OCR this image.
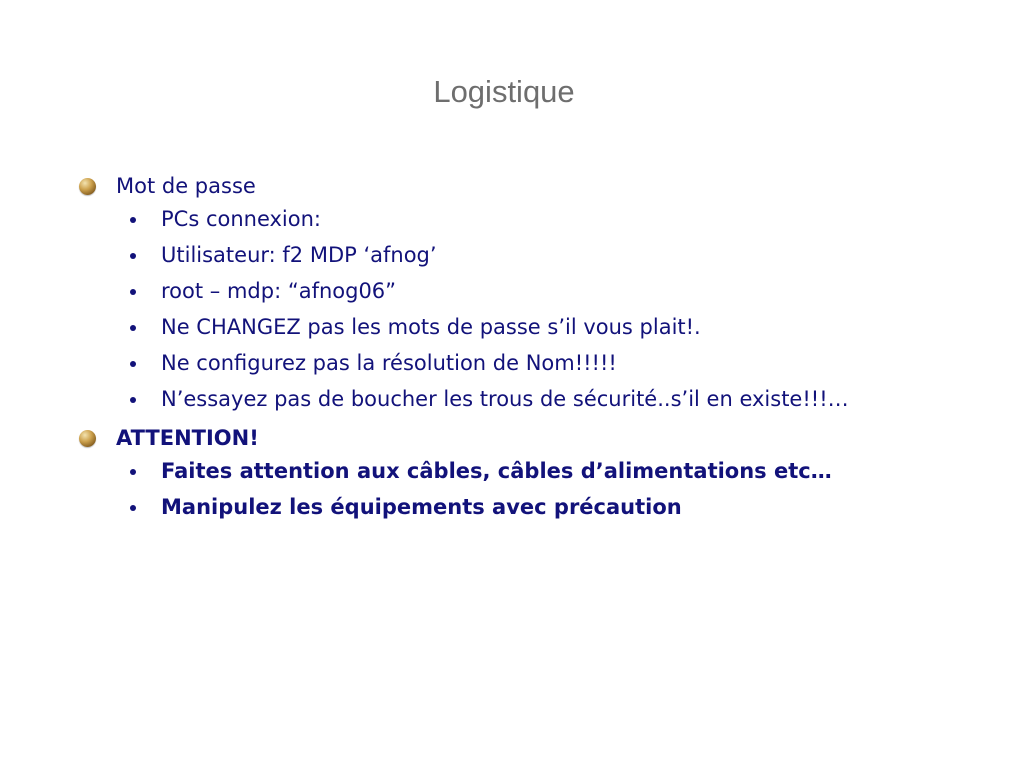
Logistique
Mot de passe
PCs connexion:
Utilisateur: f2 MDP ‘afnog’
root – mdp: “afnog06”
Ne CHANGEZ pas les mots de passe s’il vous plait!.
Ne configurez pas la résolution de Nom!!!!!
N’essayez pas de boucher les trous de sécurité..s’il en existe!!!…
ATTENTION!
Faites attention aux câbles, câbles d’alimentations etc…
Manipulez les équipements avec précaution
